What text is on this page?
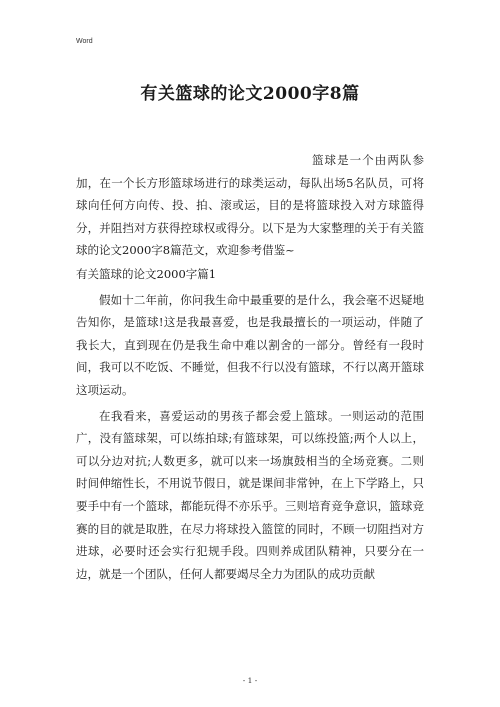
Word
有关篮球的论文2000字8篇

篮球是一个由两队参加，在一个长方形篮球场进行的球类运动，每队出场5名队员，可将球向任何方向传、投、拍、滚或运，目的是将篮球投入对方球篮得分，并阻挡对方获得控球权或得分。以下是为大家整理的关于有关篮球的论文2000字8篇范文，欢迎参考借鉴~

有关篮球的论文2000字篇1

假如十二年前，你问我生命中最重要的是什么，我会毫不迟疑地告知你，是篮球!这是我最喜爱，也是我最擅长的一项运动，伴随了我长大，直到现在仍是我生命中难以割舍的一部分。曾经有一段时间，我可以不吃饭、不睡觉，但我不行以没有篮球，不行以离开篮球这项运动。

在我看来，喜爱运动的男孩子都会爱上篮球。一则运动的范围广，没有篮球架，可以练拍球;有篮球架，可以练投篮;两个人以上，可以分边对抗;人数更多，就可以来一场旗鼓相当的全场竞赛。二则时间伸缩性长，不用说节假日，就是课间非常钟，在上下学路上，只要手中有一个篮球，都能玩得不亦乐乎。三则培育竞争意识，篮球竞赛的目的就是取胜，在尽力将球投入篮筐的同时，不顾一切阻挡对方进球，必要时还会实行犯规手段。四则养成团队精神，只要分在一边，就是一个团队，任何人都要竭尽全力为团队的成功贡献

- 1 -
